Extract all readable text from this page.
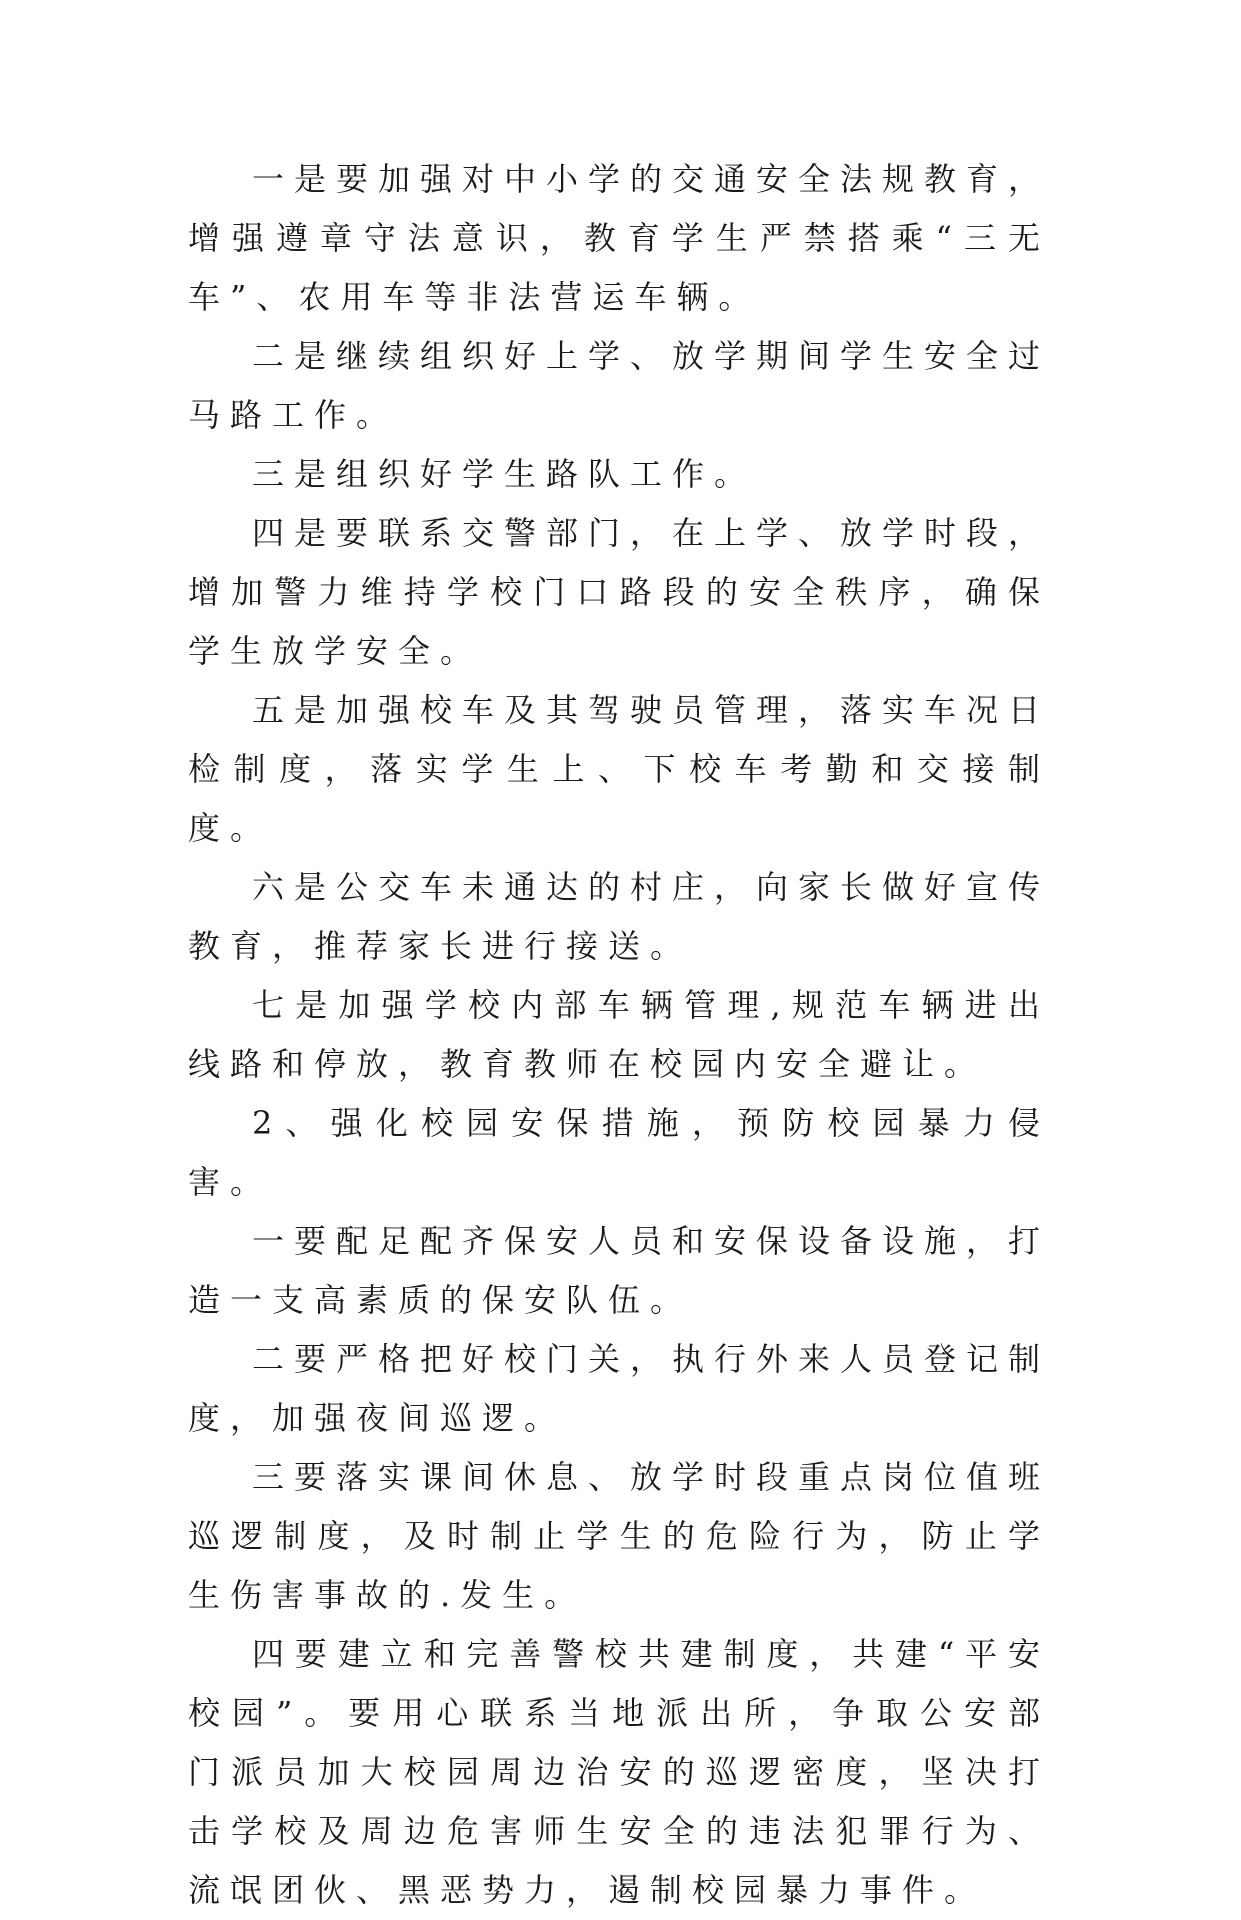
一是要加强对中小学的交通安全法规教育，增强遵章守法意识，教育学生严禁搭乘“三无车”、农用车等非法营运车辆。

二是继续组织好上学、放学期间学生安全过马路工作。

三是组织好学生路队工作。

四是要联系交警部门，在上学、放学时段，增加警力维持学校门口路段的安全秩序，确保学生放学安全。

五是加强校车及其驾驶员管理，落实车况日检制度，落实学生上、下校车考勤和交接制度。

六是公交车未通达的村庄，向家长做好宣传教育，推荐家长进行接送。

七是加强学校内部车辆管理,规范车辆进出线路和停放，教育教师在校园内安全避让。

2、强化校园安保措施，预防校园暴力侵害。

一要配足配齐保安人员和安保设备设施，打造一支高素质的保安队伍。

二要严格把好校门关，执行外来人员登记制度，加强夜间巡逻。

三要落实课间休息、放学时段重点岗位值班巡逻制度，及时制止学生的危险行为，防止学生伤害事故的.发生。

四要建立和完善警校共建制度，共建“平安校园”。要用心联系当地派出所，争取公安部门派员加大校园周边治安的巡逻密度，坚决打击学校及周边危害师生安全的违法犯罪行为、流氓团伙、黑恶势力，遏制校园暴力事件。
